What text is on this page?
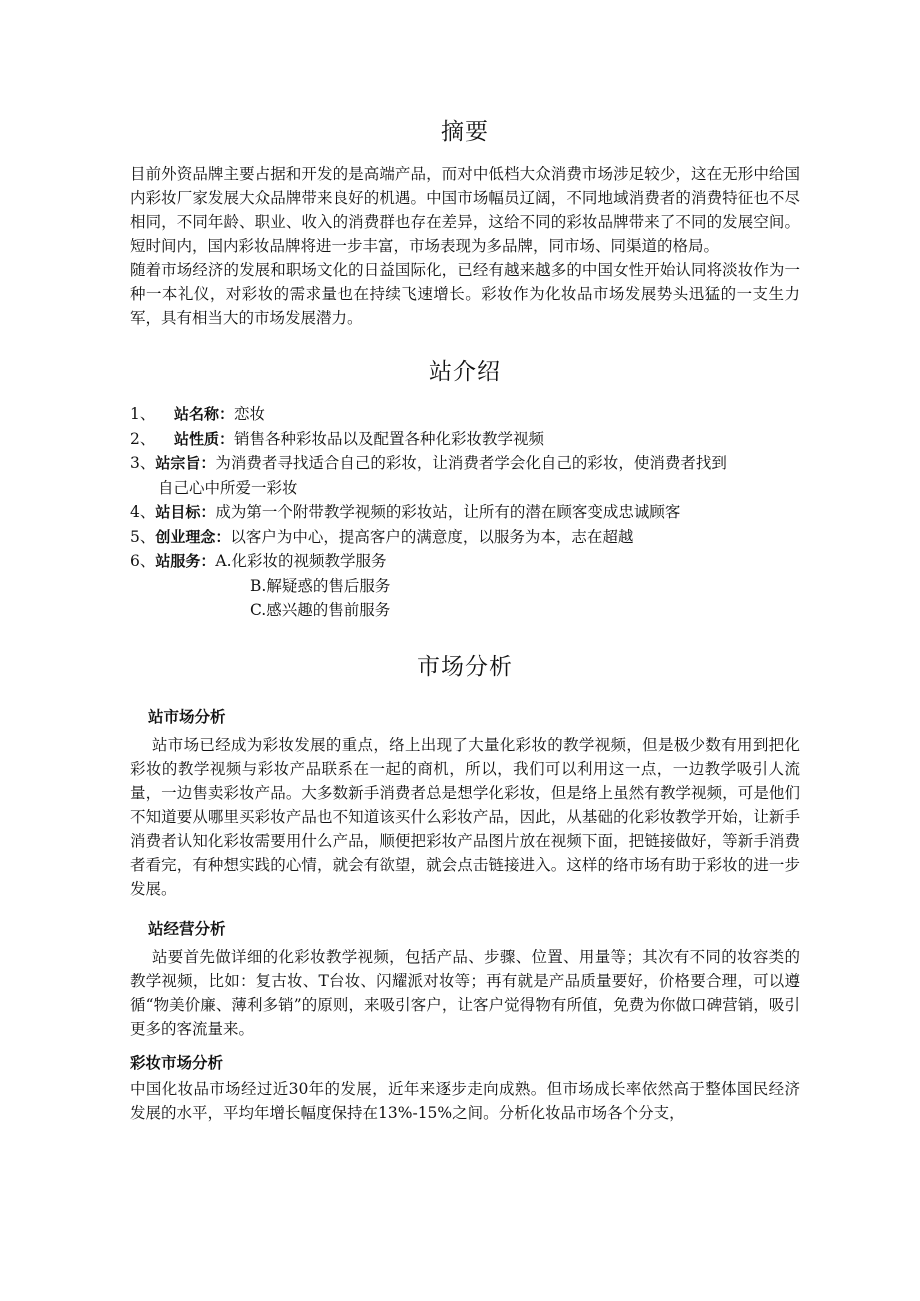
摘要

目前外资品牌主要占据和开发的是高端产品，而对中低档大众消费市场涉足较少，这在无形中给国内彩妆厂家发展大众品牌带来良好的机遇。中国市场幅员辽阔，不同地域消费者的消费特征也不尽相同，不同年龄、职业、收入的消费群也存在差异，这给不同的彩妆品牌带来了不同的发展空间。短时间内，国内彩妆品牌将进一步丰富，市场表现为多品牌，同市场、同渠道的格局。

随着市场经济的发展和职场文化的日益国际化，已经有越来越多的中国女性开始认同将淡妆作为一种一本礼仪，对彩妆的需求量也在持续飞速增长。彩妆作为化妆品市场发展势头迅猛的一支生力军，具有相当大的市场发展潜力。

站介绍
1、 站名称：恋妆
2、 站性质：销售各种彩妆品以及配置各种化彩妆教学视频
3、站宗旨：为消费者寻找适合自己的彩妆，让消费者学会化自己的彩妆，使消费者找到
自己心中所爱一彩妆
4、站目标：成为第一个附带教学视频的彩妆站，让所有的潜在顾客变成忠诚顾客
5、创业理念：以客户为中心，提高客户的满意度，以服务为本，志在超越
6、站服务：A.化彩妆的视频教学服务
B.解疑惑的售后服务
C.感兴趣的售前服务
市场分析
站市场分析

站市场已经成为彩妆发展的重点，络上出现了大量化彩妆的教学视频，但是极少数有用到把化彩妆的教学视频与彩妆产品联系在一起的商机，所以，我们可以利用这一点，一边教学吸引人流量，一边售卖彩妆产品。大多数新手消费者总是想学化彩妆，但是络上虽然有教学视频，可是他们不知道要从哪里买彩妆产品也不知道该买什么彩妆产品，因此，从基础的化彩妆教学开始，让新手消费者认知化彩妆需要用什么产品，顺便把彩妆产品图片放在视频下面，把链接做好，等新手消费者看完，有种想实践的心情，就会有欲望，就会点击链接进入。这样的络市场有助于彩妆的进一步发展。

站经营分析

站要首先做详细的化彩妆教学视频，包括产品、步骤、位置、用量等；其次有不同的妆容类的教学视频，比如：复古妆、T台妆、闪耀派对妆等；再有就是产品质量要好，价格要合理，可以遵循“物美价廉、薄利多销”的原则，来吸引客户，让客户觉得物有所值，免费为你做口碑营销，吸引更多的客流量来。

彩妆市场分析

中国化妆品市场经过近30年的发展，近年来逐步走向成熟。但市场成长率依然高于整体国民经济发展的水平，平均年增长幅度保持在13%-15%之间。分析化妆品市场各个分支，
